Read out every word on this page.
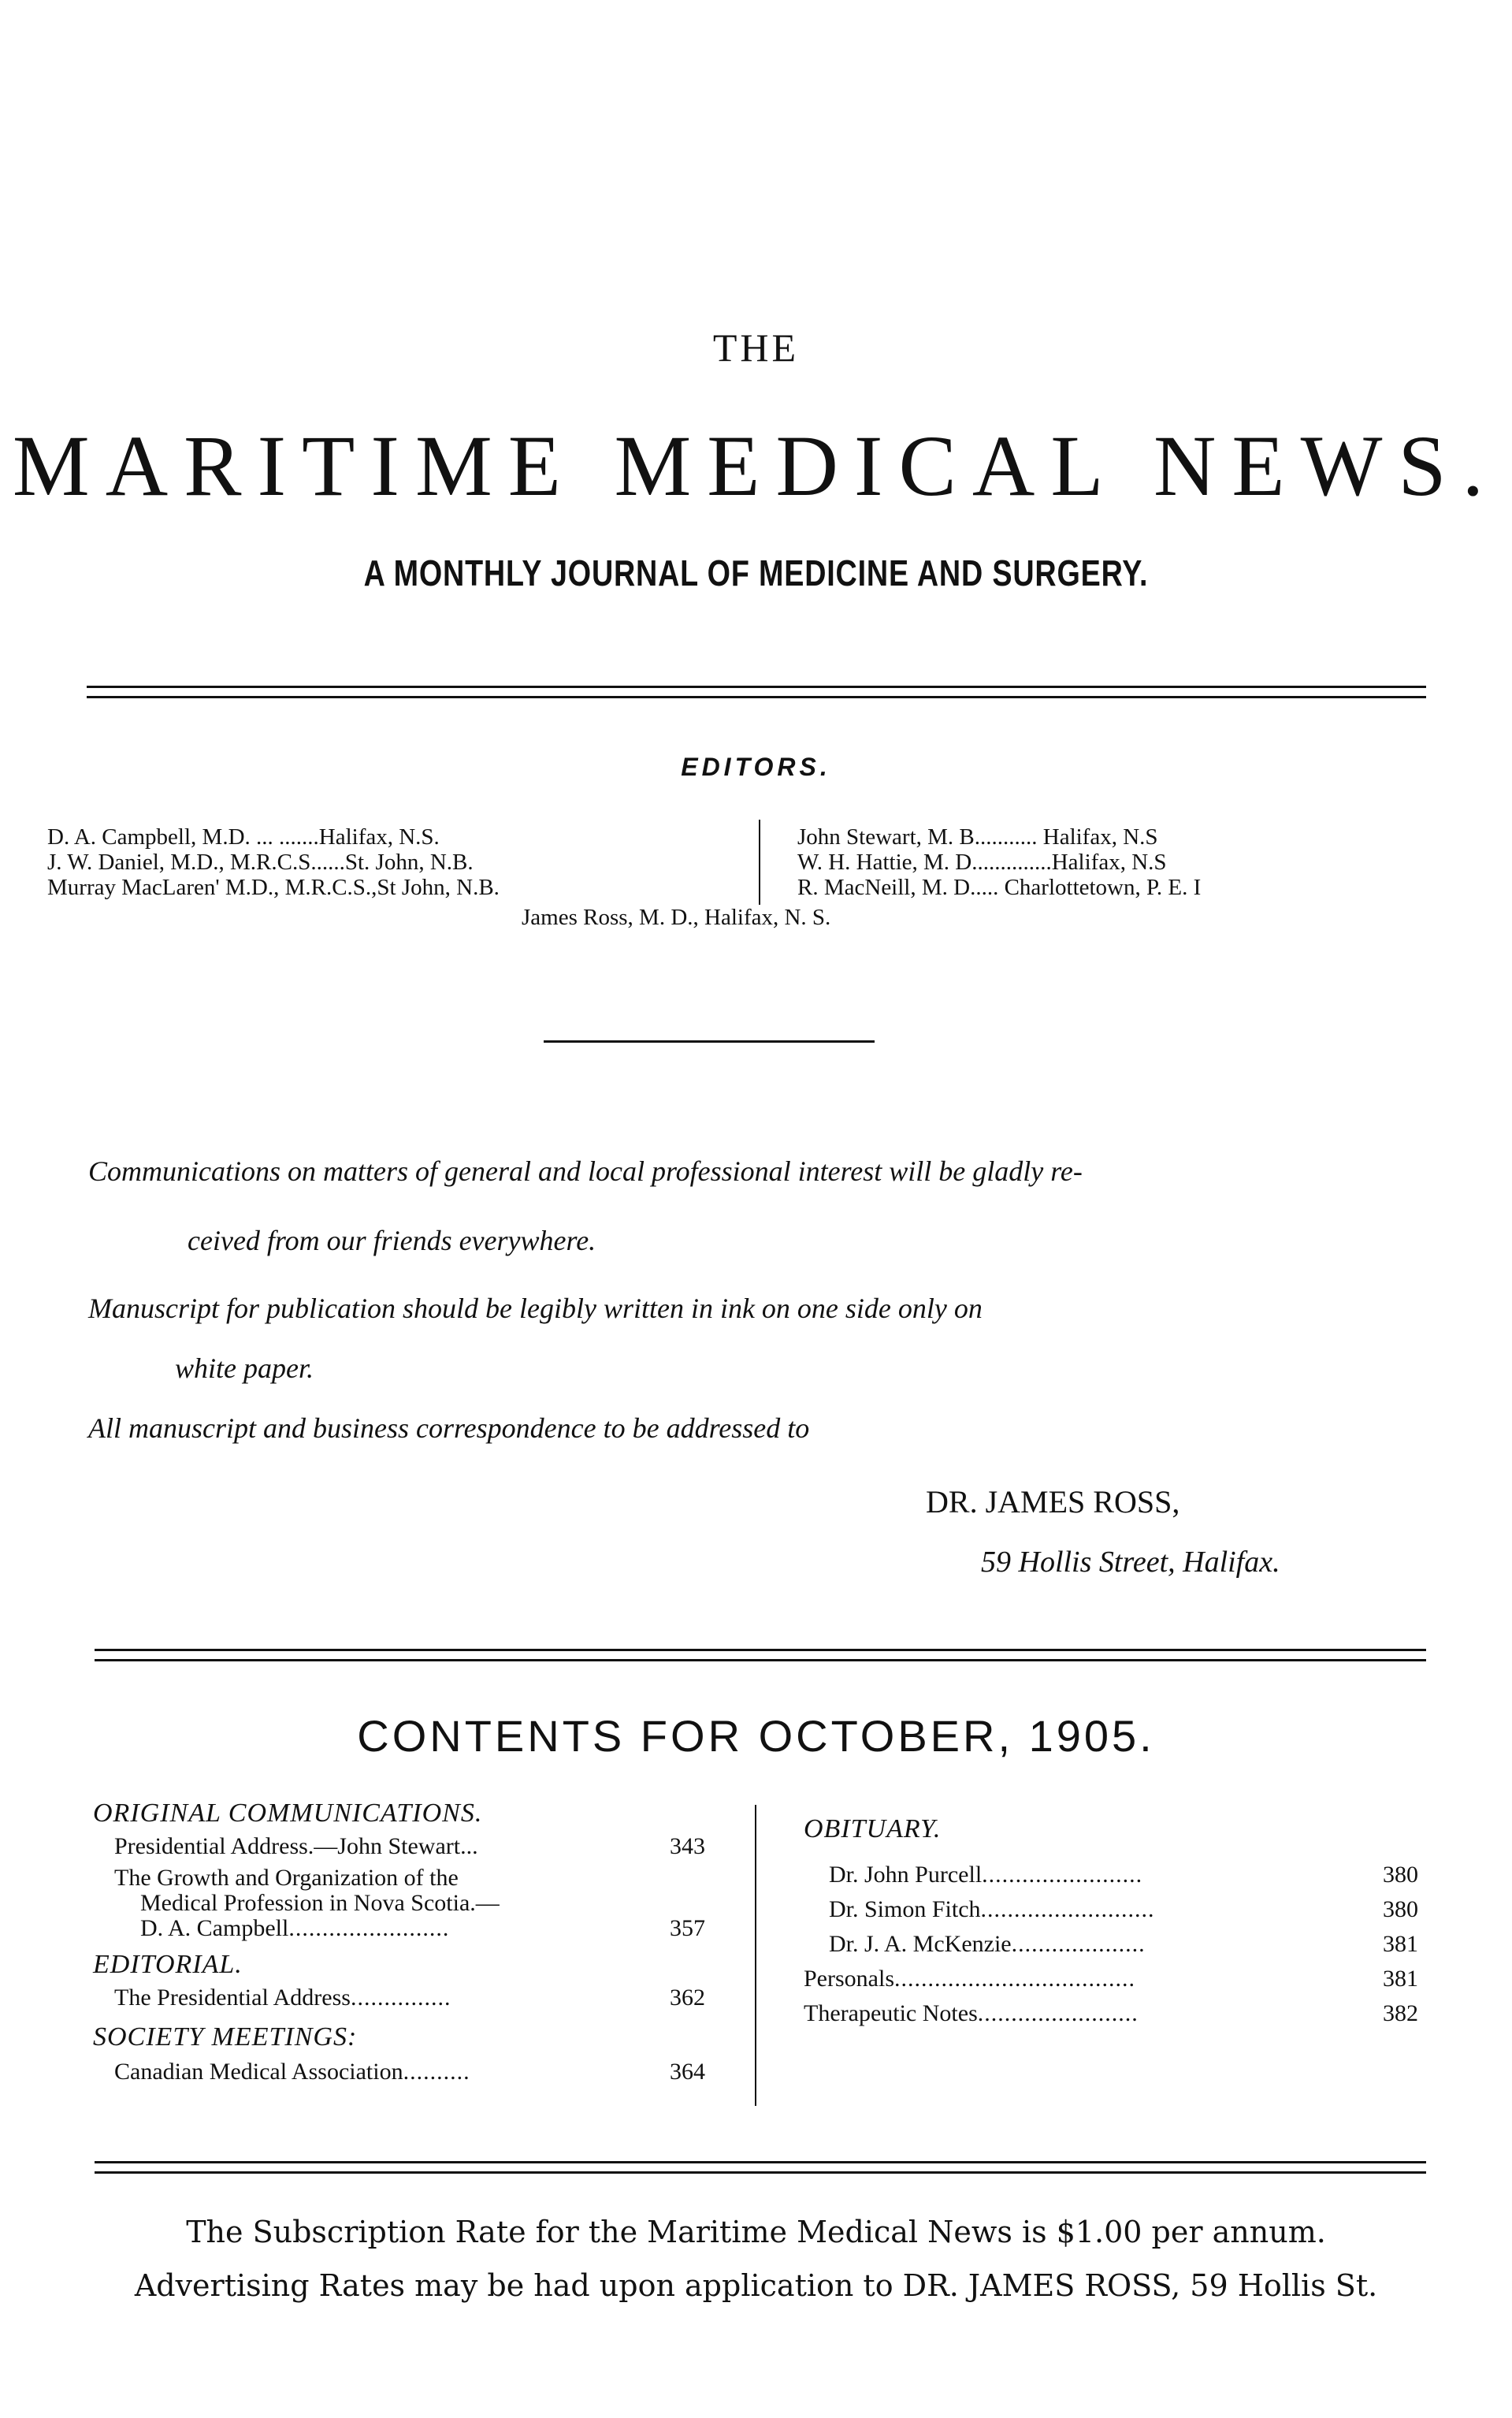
THE
MARITIME MEDICAL NEWS.
A MONTHLY JOURNAL OF MEDICINE AND SURGERY.
EDITORS.
D. A. Campbell, M.D. ... .......Halifax, N.S.
J. W. Daniel, M.D., M.R.C.S......St. John, N.B.
Murray MacLaren' M.D., M.R.C.S.,St John, N.B.
John Stewart, M. B........... Halifax, N.S
W. H. Hattie, M. D..............Halifax, N.S
R. MacNeill, M. D..... Charlottetown, P. E. I
James Ross, M. D., Halifax, N. S.
Communications on matters of general and local professional interest will be gladly re-
ceived from our friends everywhere.
Manuscript for publication should be legibly written in ink on one side only on
white paper.
All manuscript and business correspondence to be addressed to
DR. JAMES ROSS,
59 Hollis Street, Halifax.
CONTENTS FOR OCTOBER, 1905.
ORIGINAL COMMUNICATIONS.
Presidential Address.—John Stewart...	343
The Growth and Organization of the
Medical Profession in Nova Scotia.—
D. A. Campbell........................	357
EDITORIAL.
The Presidential Address...............	362
SOCIETY MEETINGS:
Canadian Medical Association..........	364
OBITUARY.
Dr. John Purcell........................	380
Dr. Simon Fitch..........................	380
Dr. J. A. McKenzie....................	381
Personals....................................	381
Therapeutic Notes........................	382
The Subscription Rate for the Maritime Medical News is $1.00 per annum.
Advertising Rates may be had upon application to DR. JAMES ROSS, 59 Hollis St.
